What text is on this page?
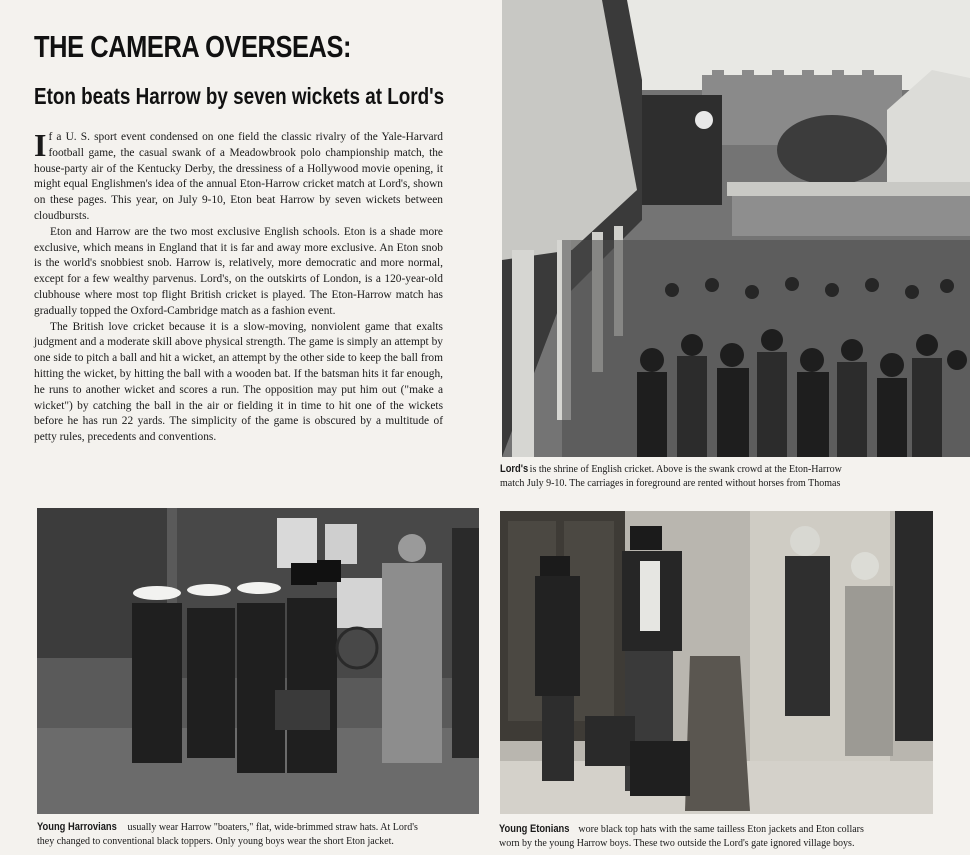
THE CAMERA OVERSEAS:
Eton beats Harrow by seven wickets at Lord's

If a U. S. sport event condensed on one field the classic rivalry of the Yale-Harvard football game, the casual swank of a Meadowbrook polo championship match, the house-party air of the Kentucky Derby, the dressiness of a Hollywood movie opening, it might equal Englishmen's idea of the annual Eton-Harrow cricket match at Lord's, shown on these pages. This year, on July 9-10, Eton beat Harrow by seven wickets between cloudbursts.

Eton and Harrow are the two most exclusive English schools. Eton is a shade more exclusive, which means in England that it is far and away more exclusive. An Eton snob is the world's snobbiest snob. Harrow is, relatively, more democratic and more normal, except for a few wealthy parvenus. Lord's, on the outskirts of London, is a 120-year-old clubhouse where most top flight British cricket is played. The Eton-Harrow match has gradually topped the Oxford-Cambridge match as a fashion event.

The British love cricket because it is a slow-moving, nonviolent game that exalts judgment and a moderate skill above physical strength. The game is simply an attempt by one side to pitch a ball and hit a wicket, an attempt by the other side to keep the ball from hitting the wicket, by hitting the ball with a wooden bat. If the batsman hits it far enough, he runs to another wicket and scores a run. The opposition may put him out ("make a wicket") by catching the ball in the air or fielding it in time to hit one of the wickets before he has run 22 yards. The simplicity of the game is obscured by a multitude of petty rules, precedents and conventions.

Lord's is the shrine of English cricket. Above is the swank crowd at the Eton-Harrow
match July 9-10. The carriages in foreground are rented without horses from Thomas
Young Harrovians usually wear Harrow "boaters," flat, wide-brimmed straw hats. At Lord's
they changed to conventional black toppers. Only young boys wear the short Eton jacket.
Young Etonians wore black top hats with the same tailless Eton jackets and Eton collars
worn by the young Harrow boys. These two outside the Lord's gate ignored village boys.
